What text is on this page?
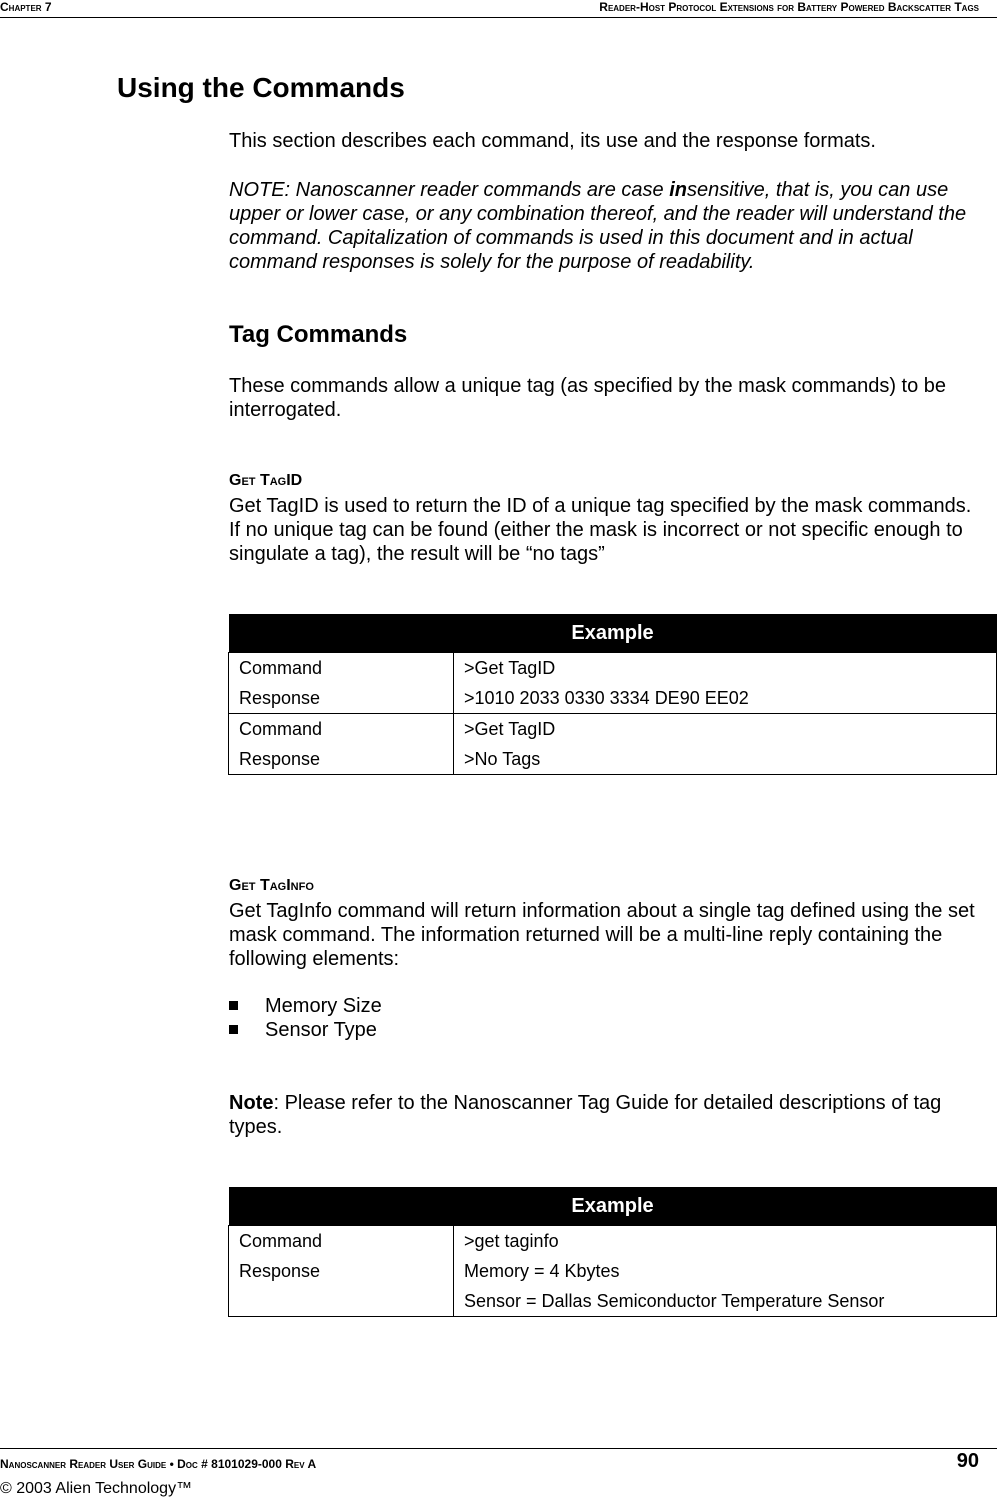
Chapter 7	Reader-Host Protocol Extensions for Battery Powered Backscatter Tags
Using the Commands

This section describes each command, its use and the response formats.

NOTE: Nanoscanner reader commands are case insensitive, that is, you can use upper or lower case, or any combination thereof, and the reader will understand the command. Capitalization of commands is used in this document and in actual command responses is solely for the purpose of readability.

Tag Commands

These commands allow a unique tag (as specified by the mask commands) to be interrogated.

Get TagID

Get TagID is used to return the ID of a unique tag specified by the mask commands. If no unique tag can be found (either the mask is incorrect or not specific enough to singulate a tag), the result will be “no tags”

Example	
Command	>Get TagID
Response	>1010 2033 0330 3334 DE90 EE02
Command	>Get TagID
Response	>No Tags
Get TagInfo

Get TagInfo command will return information about a single tag defined using the set mask command. The information returned will be a multi-line reply containing the following elements:

Memory Size
Sensor Type

Note: Please refer to the Nanoscanner Tag Guide for detailed descriptions of tag types.

Example	
Command	>get taginfo
Response	Memory = 4 Kbytes
	Sensor = Dallas Semiconductor Temperature Sensor
Nanoscanner Reader User Guide • Doc # 8101029-000 Rev A	90
© 2003 Alien Technology™
